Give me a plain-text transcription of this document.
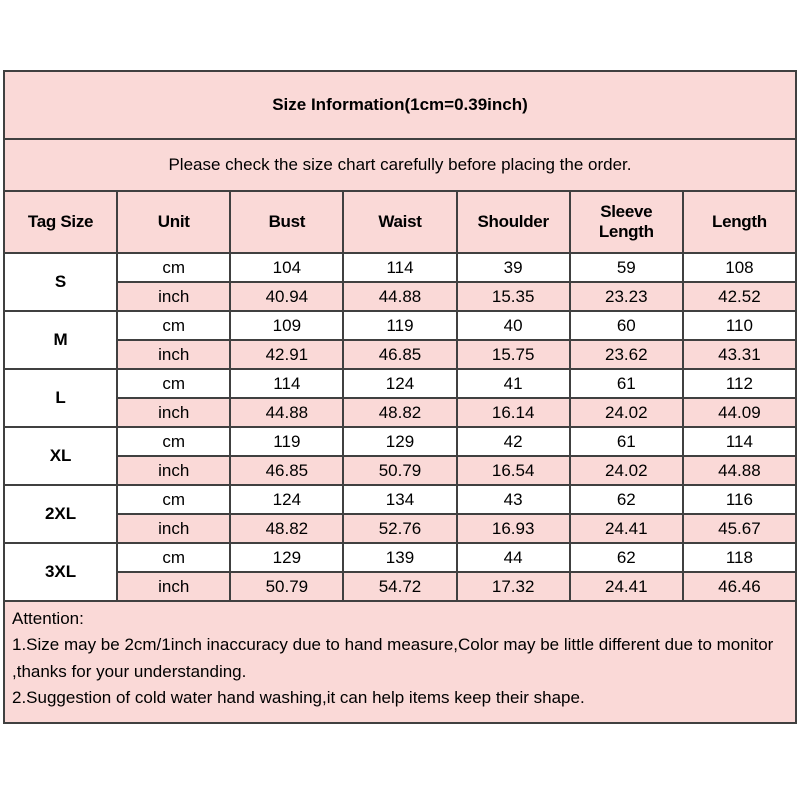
Size Information(1cm=0.39inch)						
Please check the size chart carefully before placing the order.						
Tag Size	Unit	Bust	Waist	Shoulder	Sleeve Length	Length
S	cm	104	114	39	59	108
	inch	40.94	44.88	15.35	23.23	42.52
M	cm	109	119	40	60	110
	inch	42.91	46.85	15.75	23.62	43.31
L	cm	114	124	41	61	112
	inch	44.88	48.82	16.14	24.02	44.09
XL	cm	119	129	42	61	114
	inch	46.85	50.79	16.54	24.02	44.88
2XL	cm	124	134	43	62	116
	inch	48.82	52.76	16.93	24.41	45.67
3XL	cm	129	139	44	62	118
	inch	50.79	54.72	17.32	24.41	46.46

Attention:
1.Size may be 2cm/1inch inaccuracy due to hand measure,Color may be little different due to monitor ,thanks for your understanding.
2.Suggestion of cold water hand washing,it can help items keep their shape.						
